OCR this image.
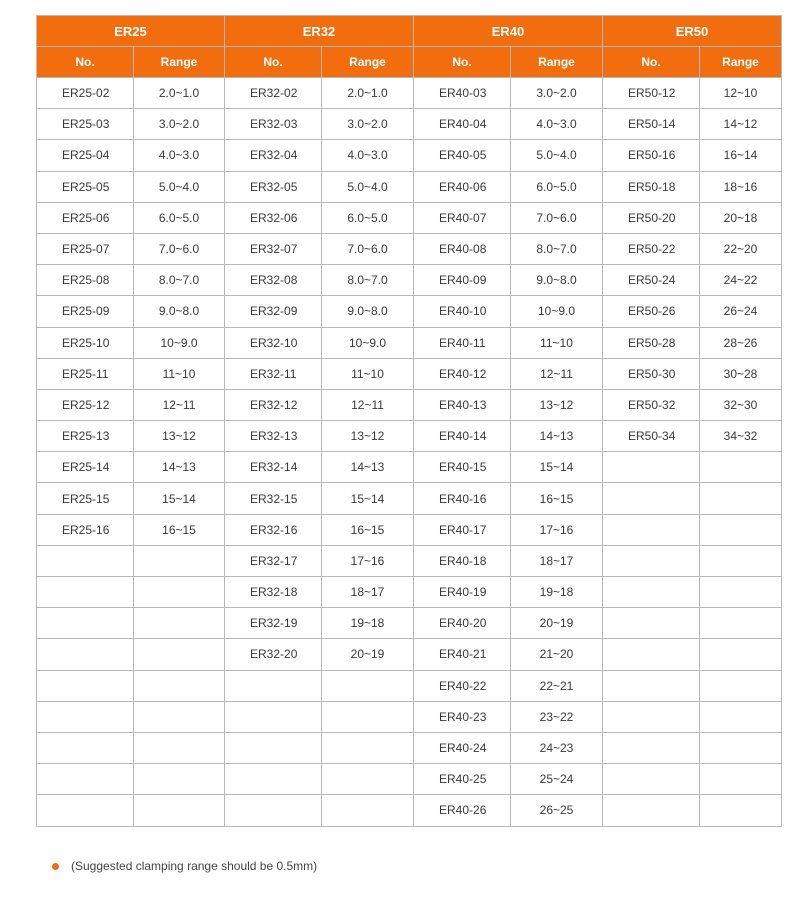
ER25		ER32		ER40		ER50	
No.	Range	No.	Range	No.	Range	No.	Range
ER25-02	2.0~1.0	ER32-02	2.0~1.0	ER40-03	3.0~2.0	ER50-12	12~10
ER25-03	3.0~2.0	ER32-03	3.0~2.0	ER40-04	4.0~3.0	ER50-14	14~12
ER25-04	4.0~3.0	ER32-04	4.0~3.0	ER40-05	5.0~4.0	ER50-16	16~14
ER25-05	5.0~4.0	ER32-05	5.0~4.0	ER40-06	6.0~5.0	ER50-18	18~16
ER25-06	6.0~5.0	ER32-06	6.0~5.0	ER40-07	7.0~6.0	ER50-20	20~18
ER25-07	7.0~6.0	ER32-07	7.0~6.0	ER40-08	8.0~7.0	ER50-22	22~20
ER25-08	8.0~7.0	ER32-08	8.0~7.0	ER40-09	9.0~8.0	ER50-24	24~22
ER25-09	9.0~8.0	ER32-09	9.0~8.0	ER40-10	10~9.0	ER50-26	26~24
ER25-10	10~9.0	ER32-10	10~9.0	ER40-11	11~10	ER50-28	28~26
ER25-11	11~10	ER32-11	11~10	ER40-12	12~11	ER50-30	30~28
ER25-12	12~11	ER32-12	12~11	ER40-13	13~12	ER50-32	32~30
ER25-13	13~12	ER32-13	13~12	ER40-14	14~13	ER50-34	34~32
ER25-14	14~13	ER32-14	14~13	ER40-15	15~14		
ER25-15	15~14	ER32-15	15~14	ER40-16	16~15		
ER25-16	16~15	ER32-16	16~15	ER40-17	17~16		
		ER32-17	17~16	ER40-18	18~17		
		ER32-18	18~17	ER40-19	19~18		
		ER32-19	19~18	ER40-20	20~19		
		ER32-20	20~19	ER40-21	21~20		
				ER40-22	22~21		
				ER40-23	23~22		
				ER40-24	24~23		
				ER40-25	25~24		
				ER40-26	26~25		
(Suggested clamping range should be 0.5mm)
